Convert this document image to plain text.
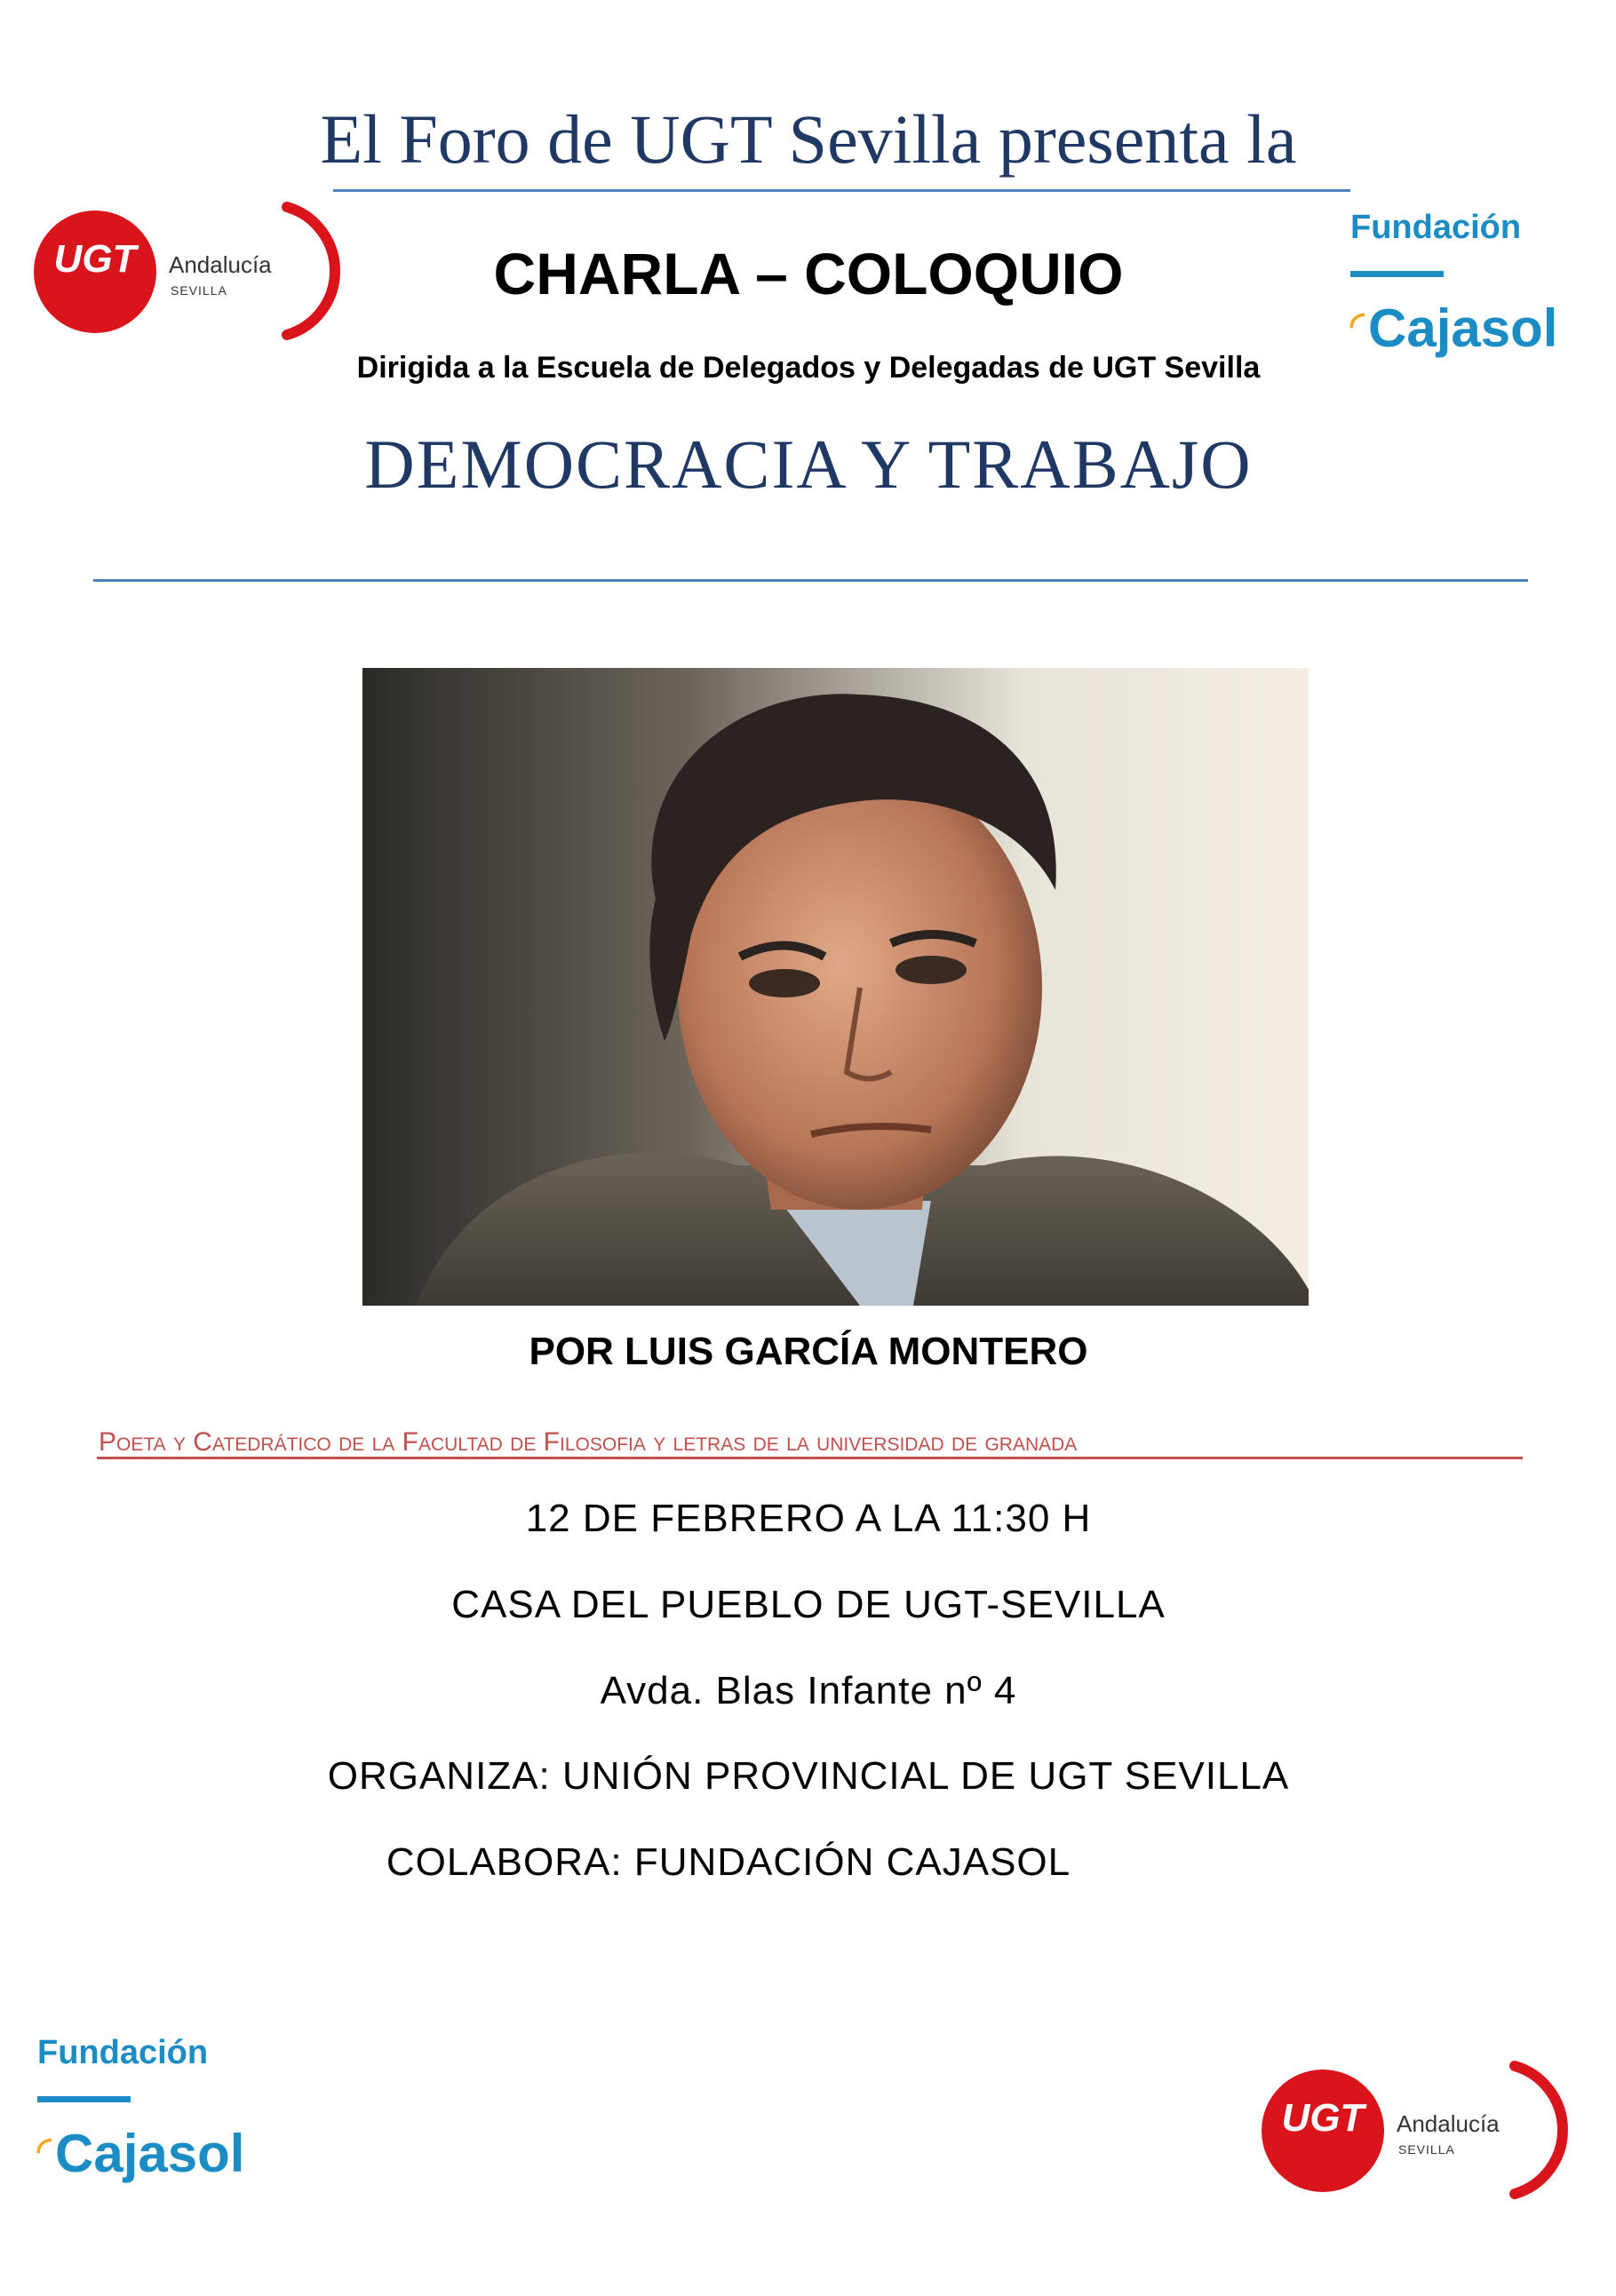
El Foro de UGT Sevilla presenta la
UGT	Andalucía
SEVILLA
Fundación
◜ Cajasol
CHARLA – COLOQUIO
Dirigida a la Escuela de Delegados y Delegadas de UGT Sevilla
DEMOCRACIA Y TRABAJO
POR LUIS GARCÍA MONTERO
Poeta y Catedrático de la Facultad de Filosofia y letras de la universidad de granada
12 DE FEBRERO A LA 11:30 H
CASA DEL PUEBLO DE UGT-SEVILLA
Avda. Blas Infante nº 4
ORGANIZA: UNIÓN PROVINCIAL DE UGT SEVILLA
COLABORA: FUNDACIÓN CAJASOL
Fundación
◜ Cajasol
UGT	Andalucía
SEVILLA
